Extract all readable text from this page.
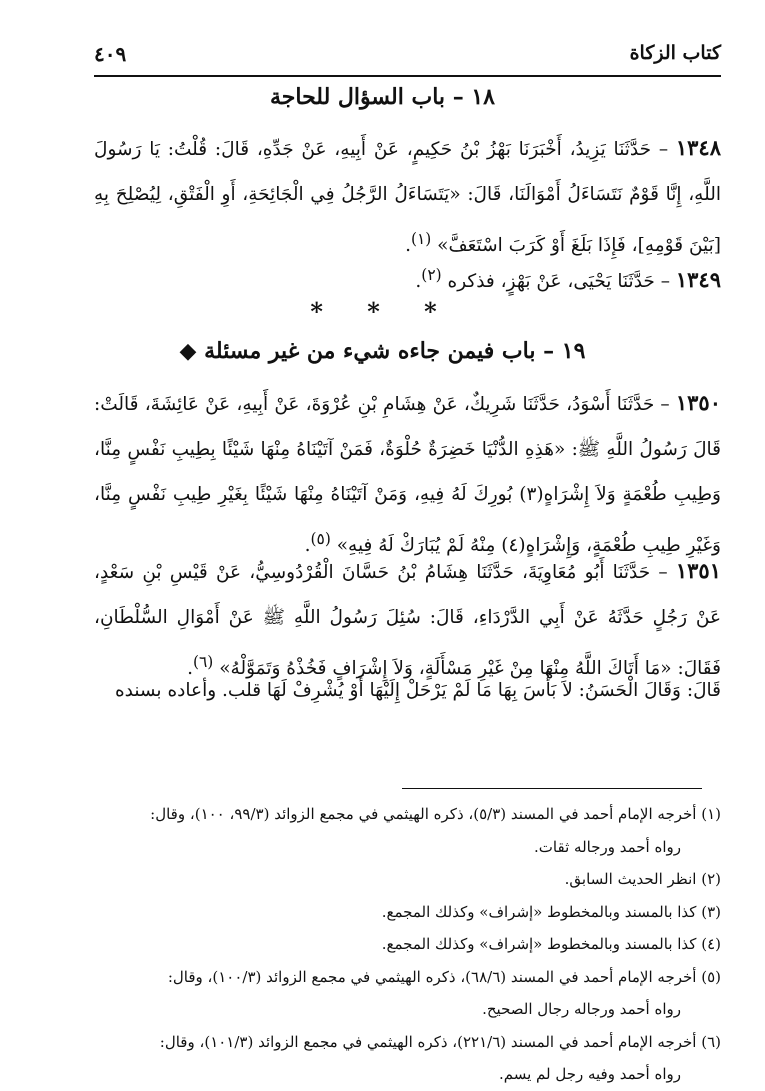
كتاب الزكاة
٤٠٩
١٨ – باب السؤال للحاجة
١٣٤٨ – حَدَّثَنَا يَزِيدُ، أَخْبَرَنَا بَهْزُ بْنُ حَكِيمٍ، عَنْ أَبِيهِ، عَنْ جَدِّهِ، قَالَ: قُلْتُ: يَا رَسُولَ اللَّهِ، إِنَّا قَوْمٌ نَتَسَاءَلُ أَمْوَالَنَا، قَالَ: «يَتَسَاءَلُ الرَّجُلُ فِي الْجَائِحَةِ، أَوِ الْفَتْقِ، لِيُصْلِحَ بِهِ [بَيْنَ قَوْمِهِ]، فَإِذَا بَلَغَ أَوْ كَرَبَ اسْتَعَفَّ» $^{(١)}$.
١٣٤٩ – حَدَّثَنَا يَحْيَى، عَنْ بَهْزٍ، فذكره $^{(٢)}$.
* * *
١٩ – باب فيمن جاءه شيء من غير مسئلة ◆
١٣٥٠ – حَدَّثَنَا أَسْوَدُ، حَدَّثَنَا شَرِيكٌ، عَنْ هِشَامِ بْنِ عُرْوَةَ، عَنْ أَبِيهِ، عَنْ عَائِشَةَ، قَالَتْ: قَالَ رَسُولُ اللَّهِ ﷺ: «هَذِهِ الدُّنْيَا خَضِرَةٌ حُلْوَةٌ، فَمَنْ آتَيْنَاهُ مِنْهَا شَيْئًا بِطِيبِ نَفْسٍ مِنَّا، وَطِيبِ طُعْمَةٍ وَلاَ إِشْرَاهٍ(٣) بُورِكَ لَهُ فِيهِ، وَمَنْ آتَيْنَاهُ مِنْهَا شَيْئًا بِغَيْرِ طِيبِ نَفْسٍ مِنَّا، وَغَيْرِ طِيبِ طُعْمَةٍ، وَإِشْرَاهٍ(٤) مِنْهُ لَمْ يُبَارَكْ لَهُ فِيهِ» $^{(٥)}$.
١٣٥١ – حَدَّثَنَا أَبُو مُعَاوِيَةَ، حَدَّثَنَا هِشَامُ بْنُ حَسَّانَ الْقُرْدُوسِيُّ، عَنْ قَيْسِ بْنِ سَعْدٍ، عَنْ رَجُلٍ حَدَّثَهُ عَنْ أَبِي الدَّرْدَاءِ، قَالَ: سُئِلَ رَسُولُ اللَّهِ ﷺ عَنْ أَمْوَالِ السُّلْطَانِ، فَقَالَ: «مَا أَتَاكَ اللَّهُ مِنْهَا مِنْ غَيْرِ مَسْأَلَةٍ، وَلاَ إِشْرَافٍ فَخُذْهُ وَتَمَوَّلْهُ» $^{(٦)}$.
قَالَ: وَقَالَ الْحَسَنُ: لاَ بَأْسَ بِهَا مَا لَمْ يَرْحَلْ إِلَيْهَا أَوْ يُشْرِفْ لَهَا قلب. وأعاده بسنده

(١) أخرجه الإمام أحمد في المسند (٥/٣)، ذكره الهيثمي في مجمع الزوائد (٩٩/٣، ١٠٠)، وقال:

رواه أحمد ورجاله ثقات.

(٢) انظر الحديث السابق.

(٣) كذا بالمسند وبالمخطوط «إشراف» وكذلك المجمع.

(٤) كذا بالمسند وبالمخطوط «إشراف» وكذلك المجمع.

(٥) أخرجه الإمام أحمد في المسند (٦٨/٦)، ذكره الهيثمي في مجمع الزوائد (١٠٠/٣)، وقال:

رواه أحمد ورجاله رجال الصحيح.

(٦) أخرجه الإمام أحمد في المسند (٢٢١/٦)، ذكره الهيثمي في مجمع الزوائد (١٠١/٣)، وقال:

رواه أحمد وفيه رجل لم يسم.
